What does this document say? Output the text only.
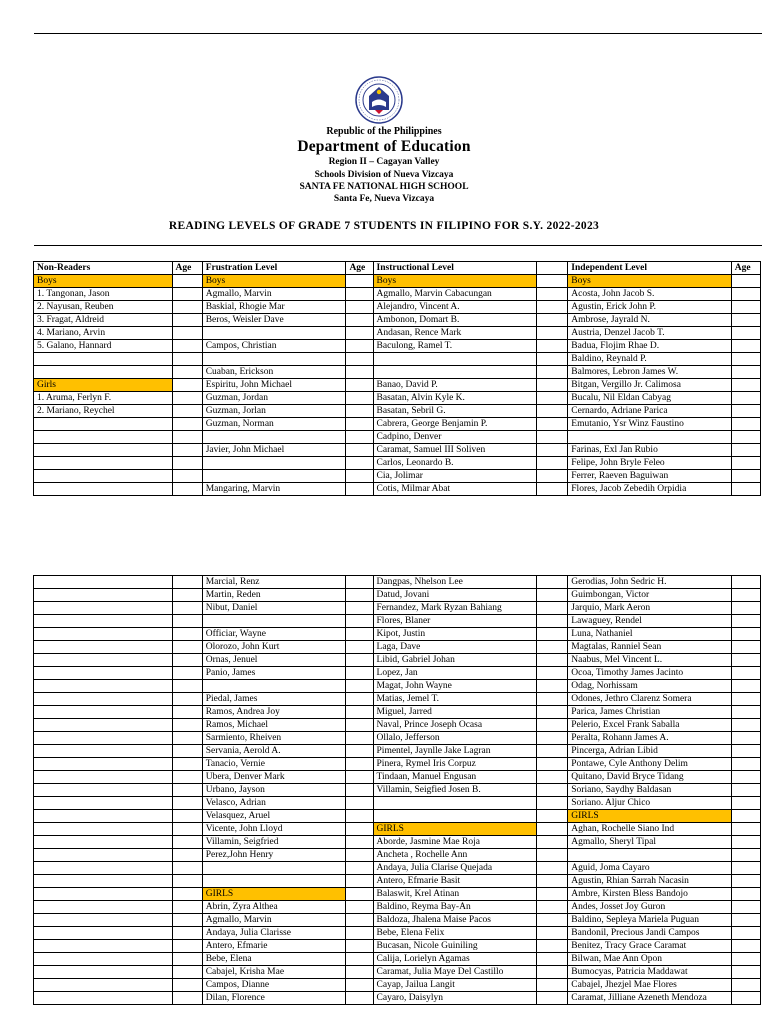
Republic of the Philippines
Department of Education
Region II – Cagayan Valley
Schools Division of Nueva Vizcaya
SANTA FE NATIONAL HIGH SCHOOL
Santa Fe, Nueva Vizcaya
READING LEVELS OF GRADE 7 STUDENTS IN FILIPINO FOR S.Y. 2022-2023
Non-Readers	Age	Frustration Level	Age	Instructional Level		Independent Level	Age
Boys		Boys		Boys		Boys	
1. Tangonan, Jason		Agmallo, Marvin		Agmallo, Marvin Cabacungan		Acosta, John Jacob S.	
2. Nayusan, Reuben		Baskial, Rhogie Mar		Alejandro, Vincent A.		Agustin, Erick John P.	
3. Fragat, Aldreid		Beros, Weisler Dave		Ambonon, Domart B.		Ambrose, Jayrald N.	
4. Mariano, Arvin				Andasan, Rence Mark		Austria, Denzel Jacob T.	
5. Galano, Hannard		Campos, Christian		Baculong, Ramel T.		Badua, Flojim Rhae D.	
						Baldino, Reynald P.	
		Cuaban, Erickson				Balmores, Lebron James W.	
Girls		Espiritu, John Michael		Banao, David P.		Bitgan, Vergillo Jr. Calimosa	
1. Aruma, Ferlyn F.		Guzman, Jordan		Basatan, Alvin Kyle K.		Bucalu, Nil Eldan Cabyag	
2. Mariano, Reychel		Guzman, Jorlan		Basatan, Sebril G.		Cernardo, Adriane Parica	
		Guzman, Norman		Cabrera, George Benjamin P.		Emutanio, Ysr Winz Faustino	
				Cadpino, Denver			
		Javier, John Michael		Caramat, Samuel III Soliven		Farinas, Exl Jan Rubio	
				Carlos, Leonardo B.		Felipe, John Bryle Feleo	
				Cia, Jolimar		Ferrer, Raeven Baguiwan	
		Mangaring, Marvin		Cotis, Milmar Abat		Flores, Jacob Zebedih Orpidia	
		Marcial, Renz		Dangpas, Nhelson Lee		Gerodias, John Sedric H.	
		Martin, Reden		Datud, Jovani		Guimbongan, Victor	
		Nibut, Daniel		Fernandez, Mark Ryzan Bahiang		Jarquio, Mark Aeron	
				Flores, Blaner		Lawaguey, Rendel	
		Officiar, Wayne		Kipot, Justin		Luna, Nathaniel	
		Olorozo, John Kurt		Laga, Dave		Magtalas, Ranniel Sean	
		Ornas, Jenuel		Libid, Gabriel Johan		Naabus, Mel Vincent L.	
		Panio, James		Lopez, Jan		Ocoa, Timothy James Jacinto	
				Magat, John Wayne		Odag, Norhissam	
		Piedal, James		Matias, Jemel T.		Odones, Jethro Clarenz Somera	
		Ramos, Andrea Joy		Miguel, Jarred		Parica, James Christian	
		Ramos, Michael		Naval, Prince Joseph Ocasa		Pelerio, Excel Frank Saballa	
		Sarmiento, Rheiven		Ollalo, Jefferson		Peralta, Rohann James A.	
		Servania, Aerold A.		Pimentel, Jaynlle Jake Lagran		Pincerga, Adrian Libid	
		Tanacio, Vernie		Pinera, Rymel Iris Corpuz		Pontawe, Cyle Anthony Delim	
		Ubera, Denver Mark		Tindaan, Manuel Engusan		Quitano, David Bryce Tidang	
		Urbano, Jayson		Villamin, Seigfied Josen B.		Soriano, Saydhy Baldasan	
		Velasco, Adrian				Soriano. Aljur Chico	
		Velasquez, Aruel				GIRLS	
		Vicente, John Lloyd		GIRLS		Aghan, Rochelle Siano Ind	
		Villamin, Seigfried		Aborde, Jasmine Mae Roja		Agmallo, Sheryl Tipal	
		Perez,John Henry		Ancheta , Rochelle Ann			
				Andaya, Julia Clarise Quejada		Aguid, Joma Cayaro	
				Antero, Efmarie Basit		Agustin, Rhian Sarrah Nacasin	
		GIRLS		Balaswit, Krel Atinan		Ambre, Kirsten Bless Bandojo	
		Abrin, Zyra Althea		Baldino, Reyma Bay-An		Andes, Josset Joy Guron	
		Agmallo, Marvin		Baldoza, Jhalena Maise Pacos		Baldino, Sepleya Mariela Puguan	
		Andaya, Julia Clarisse		Bebe, Elena Felix		Bandonil, Precious Jandi Campos	
		Antero, Efmarie		Bucasan, Nicole Guiniling		Benitez, Tracy Grace Caramat	
		Bebe, Elena		Calija, Lorielyn Agamas		Bilwan, Mae Ann Opon	
		Cabajel, Krisha Mae		Caramat, Julia Maye Del Castillo		Bumocyas, Patricia Maddawat	
		Campos, Dianne		Cayap, Jailua Langit		Cabajel, Jhezjel Mae Flores	
		Dilan, Florence		Cayaro, Daisylyn		Caramat, Jilliane Azeneth Mendoza	
